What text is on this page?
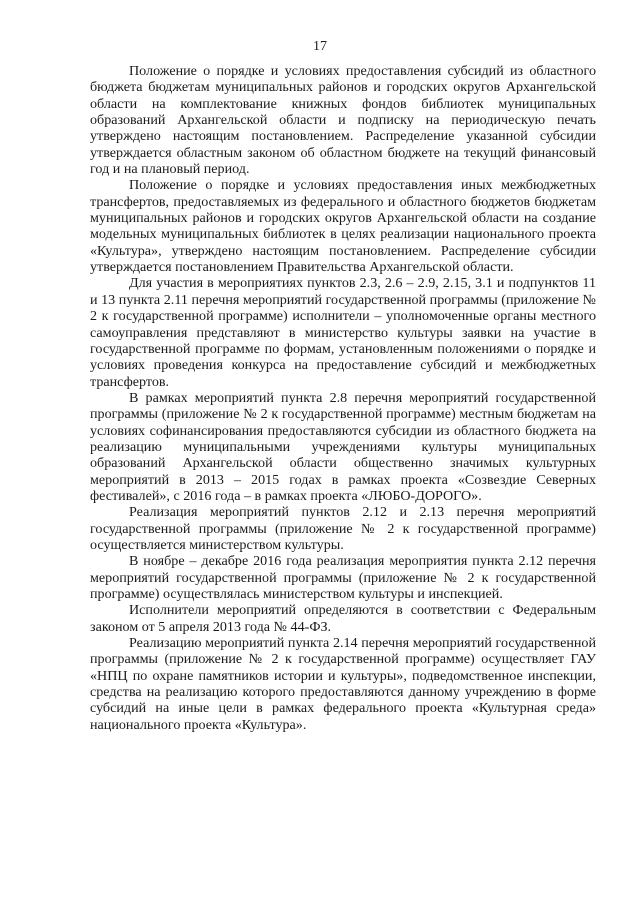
17

Положение о порядке и условиях предоставления субсидий из областного бюджета бюджетам муниципальных районов и городских округов Архангельской области на комплектование книжных фондов библиотек муниципальных образований Архангельской области и подписку на периодическую печать утверждено настоящим постановлением. Распределение указанной субсидии утверждается областным законом об областном бюджете на текущий финансовый год и на плановый период.

Положение о порядке и условиях предоставления иных межбюджетных трансфертов, предоставляемых из федерального и областного бюджетов бюджетам муниципальных районов и городских округов Архангельской области на создание модельных муниципальных библиотек в целях реализации национального проекта «Культура», утверждено настоящим постановлением. Распределение субсидии утверждается постановлением Правительства Архангельской области.

Для участия в мероприятиях пунктов 2.3, 2.6 – 2.9, 2.15, 3.1 и подпунктов 11 и 13 пункта 2.11 перечня мероприятий государственной программы (приложение № 2 к государственной программе) исполнители – уполномоченные органы местного самоуправления представляют в министерство культуры заявки на участие в государственной программе по формам, установленным положениями о порядке и условиях проведения конкурса на предоставление субсидий и межбюджетных трансфертов.

В рамках мероприятий пункта 2.8 перечня мероприятий государственной программы (приложение № 2 к государственной программе) местным бюджетам на условиях софинансирования предоставляются субсидии из областного бюджета на реализацию муниципальными учреждениями культуры муниципальных образований Архангельской области общественно значимых культурных мероприятий в 2013 – 2015 годах в рамках проекта «Созвездие Северных фестивалей», с 2016 года – в рамках проекта «ЛЮБО-ДОРОГО».

Реализация мероприятий пунктов 2.12 и 2.13 перечня мероприятий государственной программы (приложение № 2 к государственной программе) осуществляется министерством культуры.

В ноябре – декабре 2016 года реализация мероприятия пункта 2.12 перечня мероприятий государственной программы (приложение № 2 к государственной программе) осуществлялась министерством культуры и инспекцией.

Исполнители мероприятий определяются в соответствии с Федеральным законом от 5 апреля 2013 года № 44-ФЗ.

Реализацию мероприятий пункта 2.14 перечня мероприятий государственной программы (приложение № 2 к государственной программе) осуществляет ГАУ «НПЦ по охране памятников истории и культуры», подведомственное инспекции, средства на реализацию которого предоставляются данному учреждению в форме субсидий на иные цели в рамках федерального проекта «Культурная среда» национального проекта «Культура».
